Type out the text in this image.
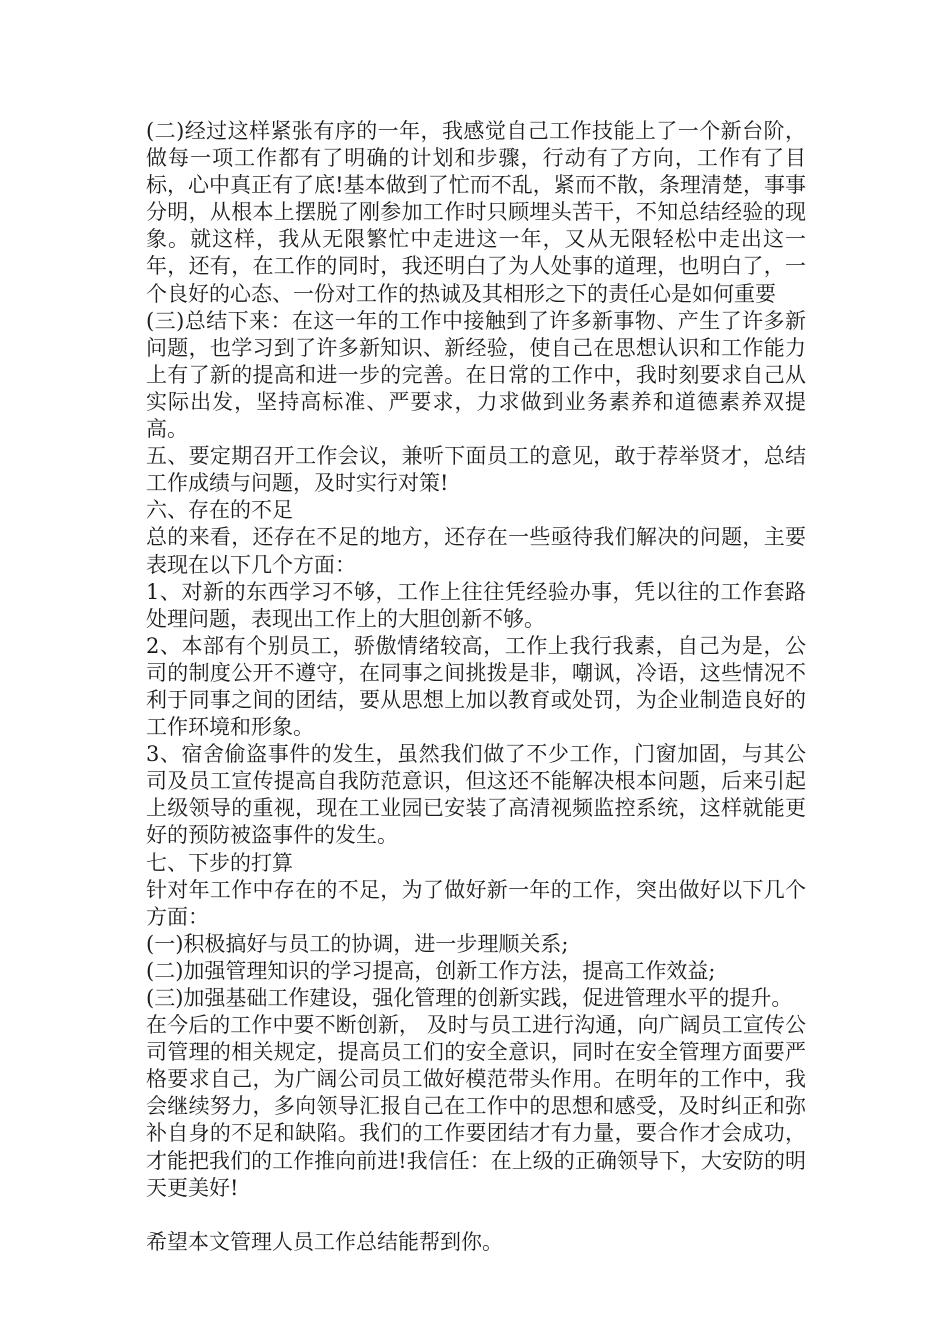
(二)经过这样紧张有序的一年，我感觉自己工作技能上了一个新台阶，做每一项工作都有了明确的计划和步骤，行动有了方向，工作有了目标，心中真正有了底!基本做到了忙而不乱，紧而不散，条理清楚，事事分明，从根本上摆脱了刚参加工作时只顾埋头苦干，不知总结经验的现象。就这样，我从无限繁忙中走进这一年，又从无限轻松中走出这一年，还有，在工作的同时，我还明白了为人处事的道理，也明白了，一个良好的心态、一份对工作的热诚及其相形之下的责任心是如何重要

(三)总结下来：在这一年的工作中接触到了许多新事物、产生了许多新问题，也学习到了许多新知识、新经验，使自己在思想认识和工作能力上有了新的提高和进一步的完善。在日常的工作中，我时刻要求自己从实际出发，坚持高标准、严要求，力求做到业务素养和道德素养双提高。

五、要定期召开工作会议，兼听下面员工的意见，敢于荐举贤才，总结工作成绩与问题，及时实行对策!

六、存在的不足

总的来看，还存在不足的地方，还存在一些亟待我们解决的问题，主要表现在以下几个方面：

1、对新的东西学习不够，工作上往往凭经验办事，凭以往的工作套路处理问题，表现出工作上的大胆创新不够。

2、本部有个别员工，骄傲情绪较高，工作上我行我素，自己为是，公司的制度公开不遵守，在同事之间挑拨是非，嘲讽，冷语，这些情况不利于同事之间的团结，要从思想上加以教育或处罚，为企业制造良好的工作环境和形象。

3、宿舍偷盗事件的发生，虽然我们做了不少工作，门窗加固，与其公司及员工宣传提高自我防范意识，但这还不能解决根本问题，后来引起上级领导的重视，现在工业园已安装了高清视频监控系统，这样就能更好的预防被盗事件的发生。

七、下步的打算

针对年工作中存在的不足，为了做好新一年的工作，突出做好以下几个方面：

(一)积极搞好与员工的协调，进一步理顺关系;

(二)加强管理知识的学习提高，创新工作方法，提高工作效益;

(三)加强基础工作建设，强化管理的创新实践，促进管理水平的提升。

在今后的工作中要不断创新， 及时与员工进行沟通，向广阔员工宣传公司管理的相关规定，提高员工们的安全意识，同时在安全管理方面要严格要求自己，为广阔公司员工做好模范带头作用。在明年的工作中，我会继续努力，多向领导汇报自己在工作中的思想和感受，及时纠正和弥补自身的不足和缺陷。我们的工作要团结才有力量，要合作才会成功，才能把我们的工作推向前进!我信任：在上级的正确领导下，大安防的明天更美好!

希望本文管理人员工作总结能帮到你。
